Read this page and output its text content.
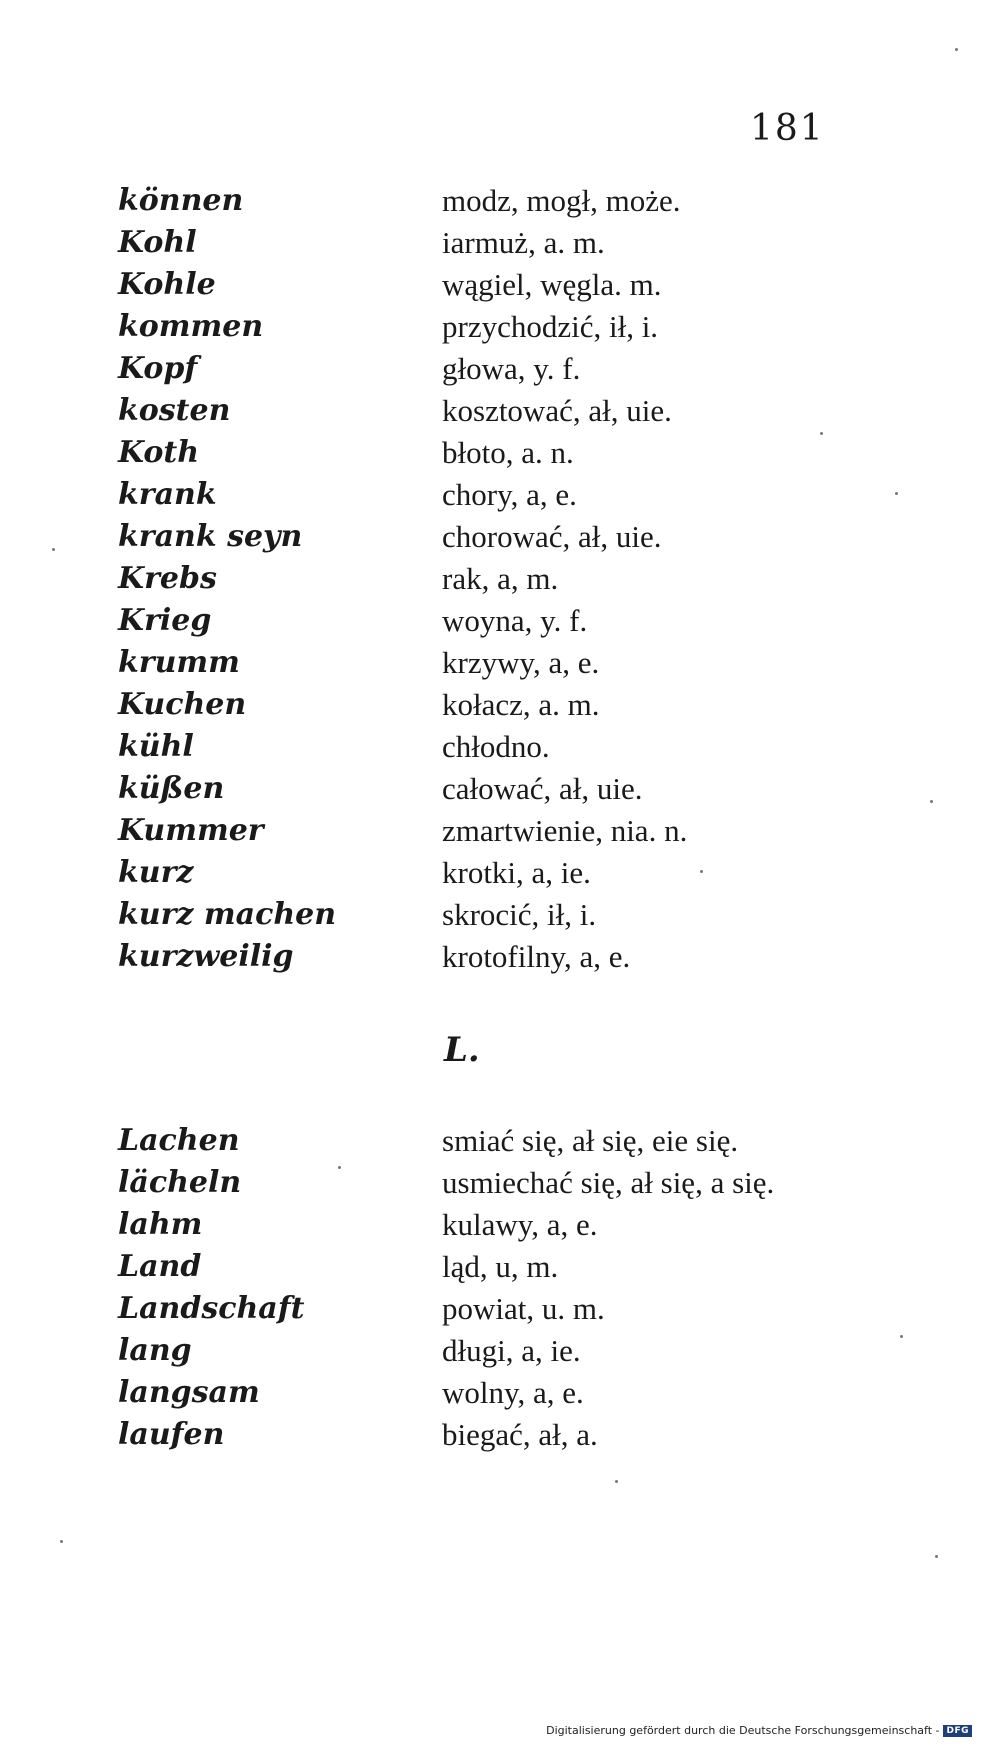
181
können	modz, mogł, może.
Kohl	iarmuż, a. m.
Kohle	wągiel, węgla. m.
kommen	przychodzić, ił, i.
Kopf	głowa, y. f.
kosten	kosztować, ał, uie.
Koth	błoto, a. n.
krank	chory, a, e.
krank seyn	chorować, ał, uie.
Krebs	rak, a, m.
Krieg	woyna, y. f.
krumm	krzywy, a, e.
Kuchen	kołacz, a. m.
kühl	chłodno.
küßen	całować, ał, uie.
Kummer	zmartwienie, nia. n.
kurz	krotki, a, ie.
kurz machen	skrocić, ił, i.
kurzweilig	krotofilny, a, e.
L.
Lachen	smiać się, ał się, eie się.
lächeln	usmiechać się, ał się, a się.
lahm	kulawy, a, e.
Land	ląd, u, m.
Landschaft	powiat, u. m.
lang	długi, a, ie.
langsam	wolny, a, e.
laufen	biegać, ał, a.
Digitalisierung gefördert durch die Deutsche Forschungsgemeinschaft - DFG
